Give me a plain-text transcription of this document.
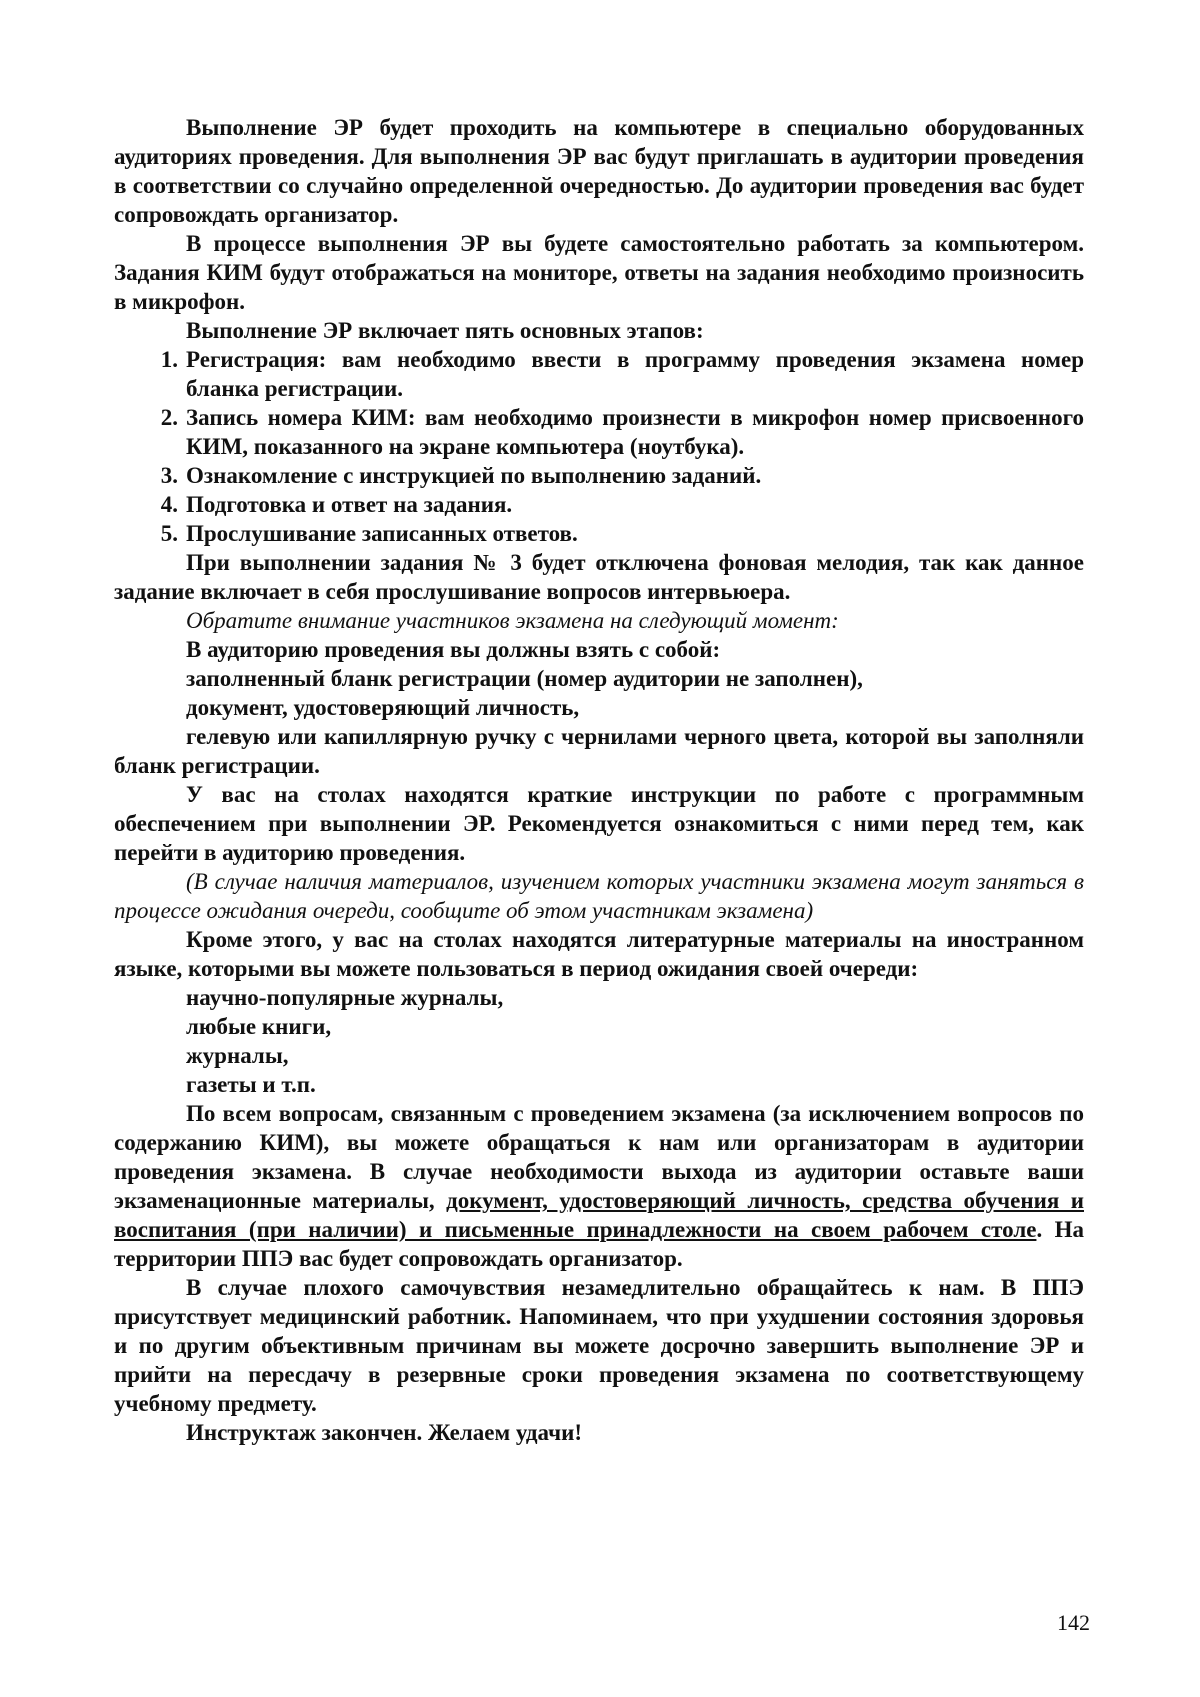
Выполнение ЭР будет проходить на компьютере в специально оборудованных аудиториях проведения. Для выполнения ЭР вас будут приглашать в аудитории проведения в соответствии со случайно определенной очередностью. До аудитории проведения вас будет сопровождать организатор.

В процессе выполнения ЭР вы будете самостоятельно работать за компьютером. Задания КИМ будут отображаться на мониторе, ответы на задания необходимо произносить в микрофон.

Выполнение ЭР включает пять основных этапов:

1. Регистрация: вам необходимо ввести в программу проведения экзамена номер бланка регистрации.
2. Запись номера КИМ: вам необходимо произнести в микрофон номер присвоенного КИМ, показанного на экране компьютера (ноутбука).
3. Ознакомление с инструкцией по выполнению заданий.
4. Подготовка и ответ на задания.
5. Прослушивание записанных ответов.

При выполнении задания № 3 будет отключена фоновая мелодия, так как данное задание включает в себя прослушивание вопросов интервьюера.

Обратите внимание участников экзамена на следующий момент:

В аудиторию проведения вы должны взять с собой:

заполненный бланк регистрации (номер аудитории не заполнен),

документ, удостоверяющий личность,

гелевую или капиллярную ручку с чернилами черного цвета, которой вы заполняли бланк регистрации.

У вас на столах находятся краткие инструкции по работе с программным обеспечением при выполнении ЭР. Рекомендуется ознакомиться с ними перед тем, как перейти в аудиторию проведения.

(В случае наличия материалов, изучением которых участники экзамена могут заняться в процессе ожидания очереди, сообщите об этом участникам экзамена)

Кроме этого, у вас на столах находятся литературные материалы на иностранном языке, которыми вы можете пользоваться в период ожидания своей очереди:

научно-популярные журналы,

любые книги,

журналы,

газеты и т.п.

По всем вопросам, связанным с проведением экзамена (за исключением вопросов по содержанию КИМ), вы можете обращаться к нам или организаторам в аудитории проведения экзамена. В случае необходимости выхода из аудитории оставьте ваши экзаменационные материалы, документ, удостоверяющий личность, средства обучения и воспитания (при наличии) и письменные принадлежности на своем рабочем столе. На территории ППЭ вас будет сопровождать организатор.

В случае плохого самочувствия незамедлительно обращайтесь к нам. В ППЭ присутствует медицинский работник. Напоминаем, что при ухудшении состояния здоровья и по другим объективным причинам вы можете досрочно завершить выполнение ЭР и прийти на пересдачу в резервные сроки проведения экзамена по соответствующему учебному предмету.

Инструктаж закончен. Желаем удачи!

142
